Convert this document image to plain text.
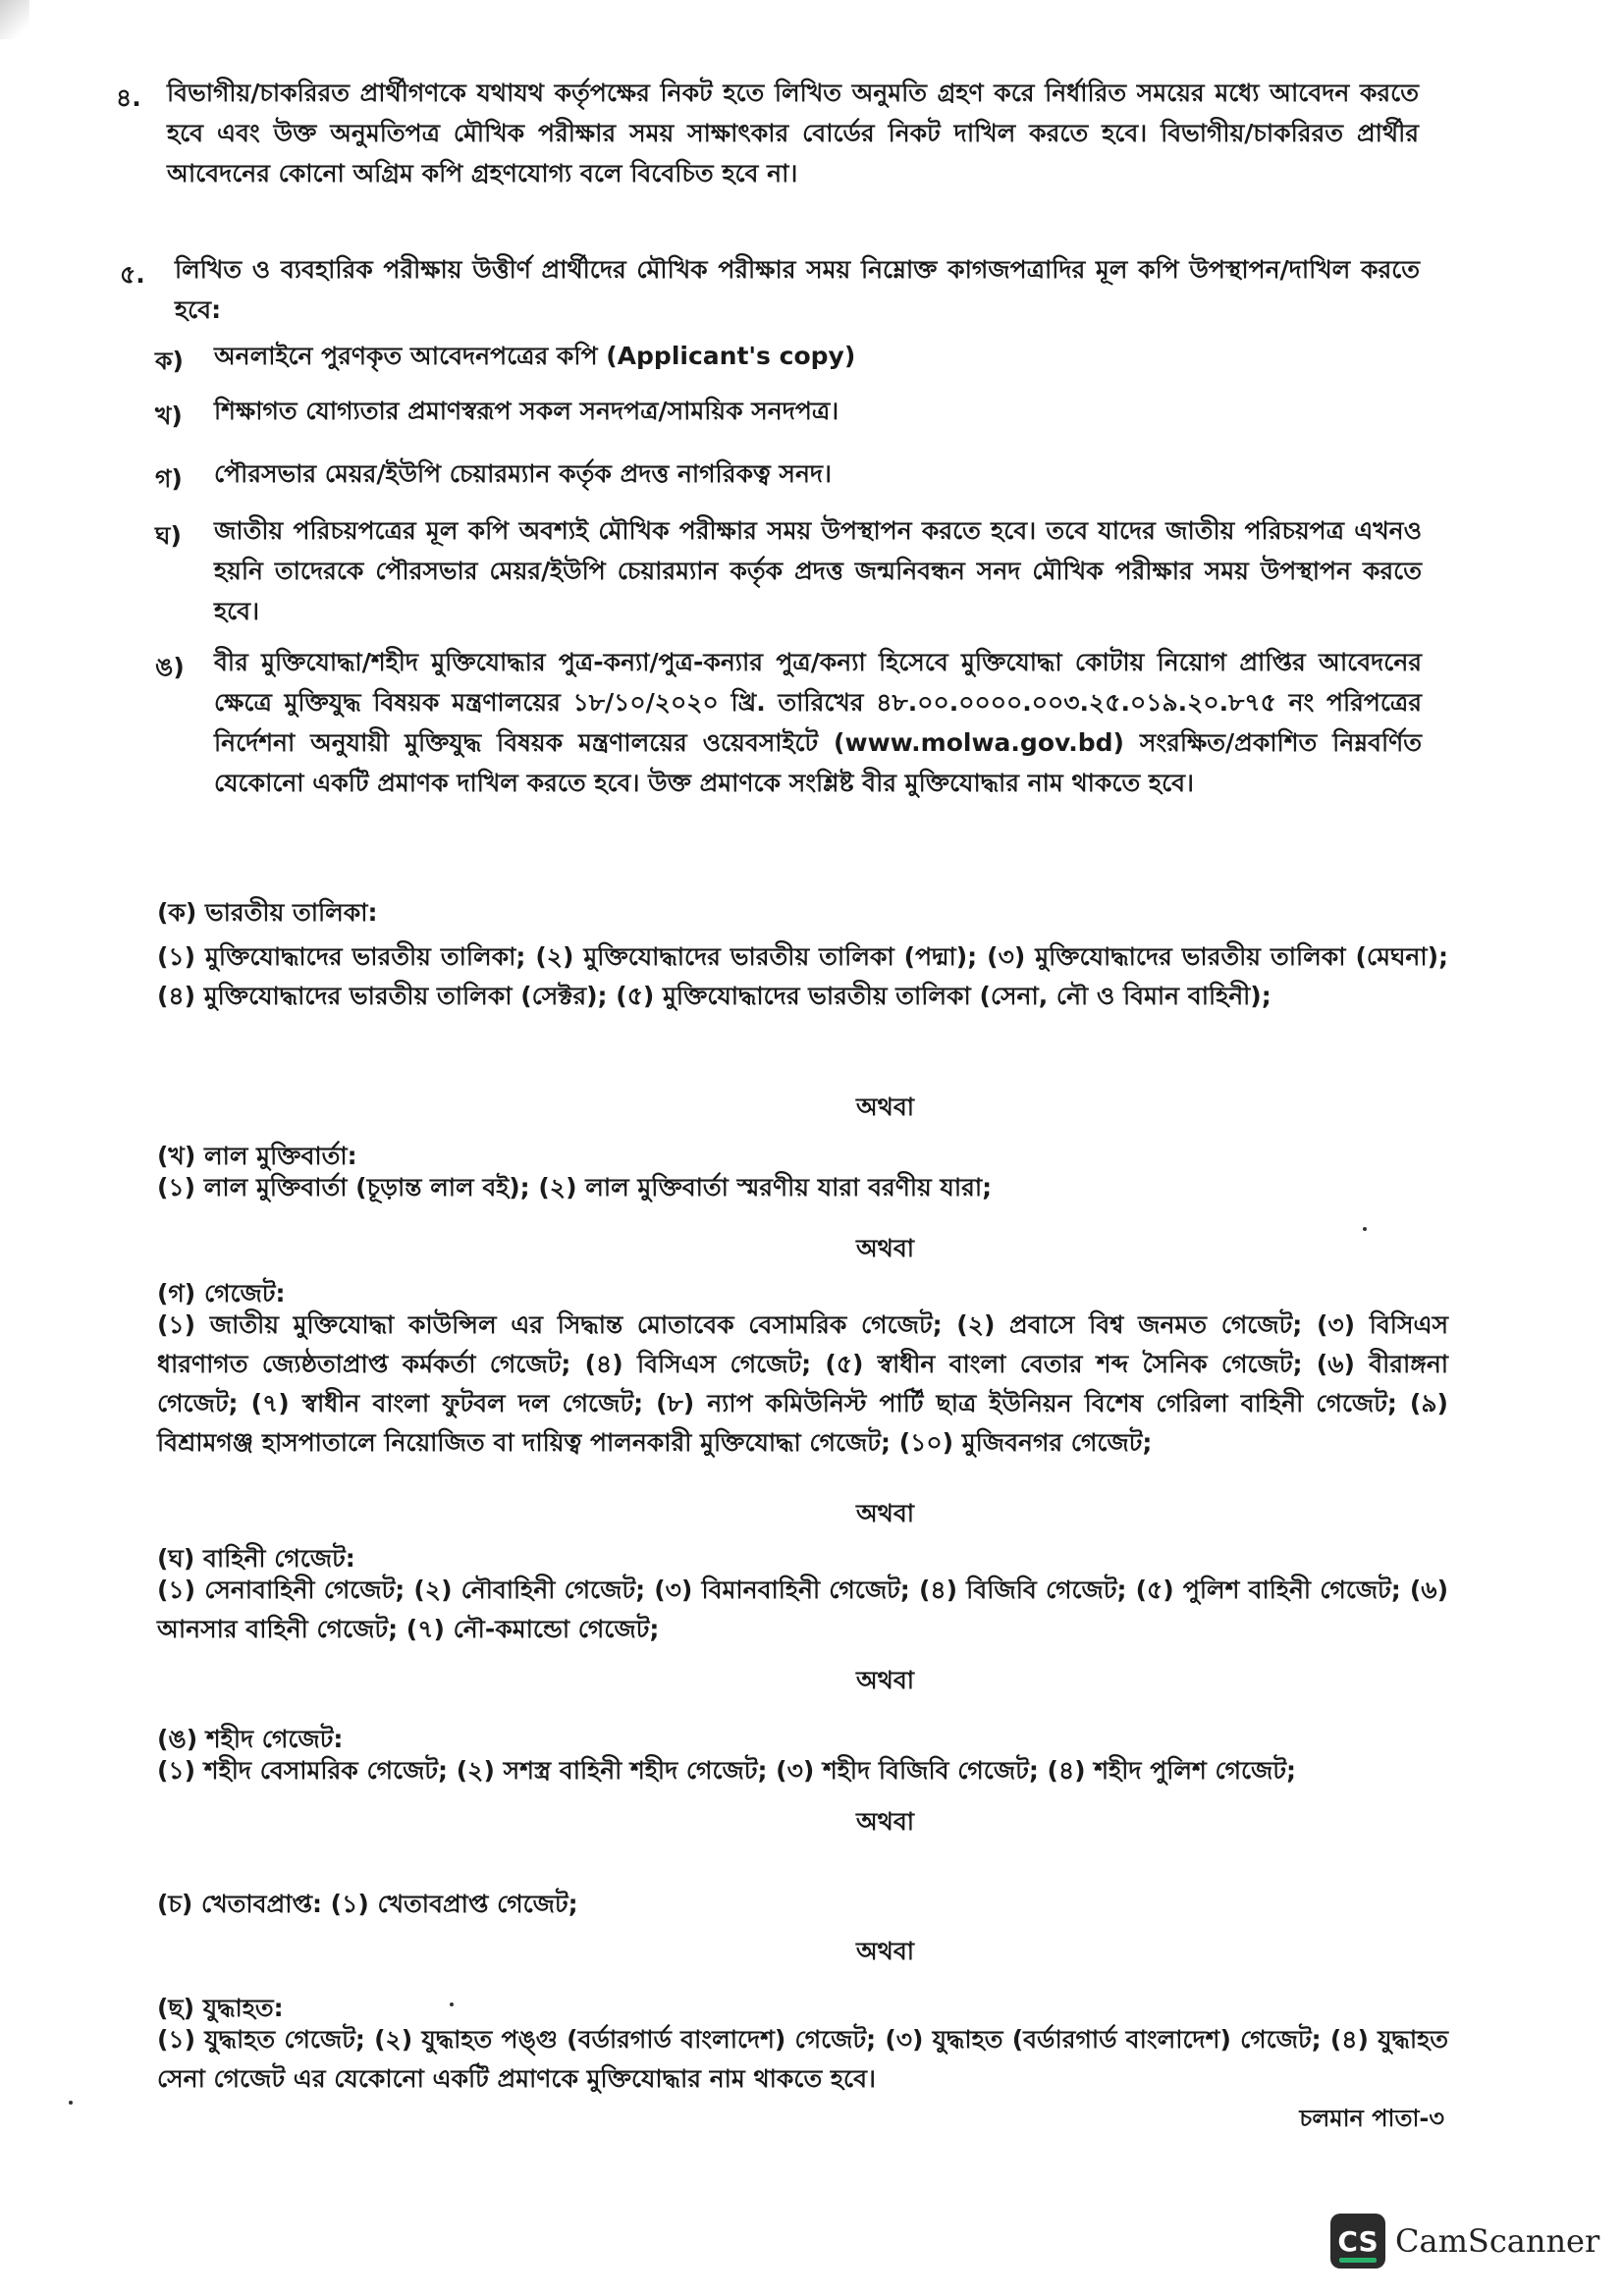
৪. বিভাগীয়/চাকরিরত প্রার্থীগণকে যথাযথ কর্তৃপক্ষের নিকট হতে লিখিত অনুমতি গ্রহণ করে নির্ধারিত সময়ের মধ্যে আবেদন করতে হবে এবং উক্ত অনুমতিপত্র মৌখিক পরীক্ষার সময় সাক্ষাৎকার বোর্ডের নিকট দাখিল করতে হবে। বিভাগীয়/চাকরিরত প্রার্থীর আবেদনের কোনো অগ্রিম কপি গ্রহণযোগ্য বলে বিবেচিত হবে না।
৫. লিখিত ও ব্যবহারিক পরীক্ষায় উত্তীর্ণ প্রার্থীদের মৌখিক পরীক্ষার সময় নিম্নোক্ত কাগজপত্রাদির মূল কপি উপস্থাপন/দাখিল করতে হবে:
ক) অনলাইনে পুরণকৃত আবেদনপত্রের কপি (Applicant's copy)
খ) শিক্ষাগত যোগ্যতার প্রমাণস্বরূপ সকল সনদপত্র/সাময়িক সনদপত্র।
গ) পৌরসভার মেয়র/ইউপি চেয়ারম্যান কর্তৃক প্রদত্ত নাগরিকত্ব সনদ।
ঘ) জাতীয় পরিচয়পত্রের মূল কপি অবশ্যই মৌখিক পরীক্ষার সময় উপস্থাপন করতে হবে। তবে যাদের জাতীয় পরিচয়পত্র এখনও হয়নি তাদেরকে পৌরসভার মেয়র/ইউপি চেয়ারম্যান কর্তৃক প্রদত্ত জন্মনিবন্ধন সনদ মৌখিক পরীক্ষার সময় উপস্থাপন করতে হবে।
ঙ) বীর মুক্তিযোদ্ধা/শহীদ মুক্তিযোদ্ধার পুত্র-কন্যা/পুত্র-কন্যার পুত্র/কন্যা হিসেবে মুক্তিযোদ্ধা কোটায় নিয়োগ প্রাপ্তির আবেদনের ক্ষেত্রে মুক্তিযুদ্ধ বিষয়ক মন্ত্রণালয়ের ১৮/১০/২০২০ খ্রি. তারিখের ৪৮.০০.০০০০.০০৩.২৫.০১৯.২০.৮৭৫ নং পরিপত্রের নির্দেশনা অনুযায়ী মুক্তিযুদ্ধ বিষয়ক মন্ত্রণালয়ের ওয়েবসাইটে (www.molwa.gov.bd) সংরক্ষিত/প্রকাশিত নিম্নবর্ণিত যেকোনো একটি প্রমাণক দাখিল করতে হবে। উক্ত প্রমাণকে সংশ্লিষ্ট বীর মুক্তিযোদ্ধার নাম থাকতে হবে।
(ক) ভারতীয় তালিকা:
(১) মুক্তিযোদ্ধাদের ভারতীয় তালিকা; (২) মুক্তিযোদ্ধাদের ভারতীয় তালিকা (পদ্মা); (৩) মুক্তিযোদ্ধাদের ভারতীয় তালিকা (মেঘনা); (৪) মুক্তিযোদ্ধাদের ভারতীয় তালিকা (সেক্টর); (৫) মুক্তিযোদ্ধাদের ভারতীয় তালিকা (সেনা, নৌ ও বিমান বাহিনী);
অথবা
(খ) লাল মুক্তিবার্তা:
(১) লাল মুক্তিবার্তা (চূড়ান্ত লাল বই); (২) লাল মুক্তিবার্তা স্মরণীয় যারা বরণীয় যারা;
অথবা
(গ) গেজেট:
(১) জাতীয় মুক্তিযোদ্ধা কাউন্সিল এর সিদ্ধান্ত মোতাবেক বেসামরিক গেজেট; (২) প্রবাসে বিশ্ব জনমত গেজেট; (৩) বিসিএস ধারণাগত জ্যেষ্ঠতাপ্রাপ্ত কর্মকর্তা গেজেট; (৪) বিসিএস গেজেট; (৫) স্বাধীন বাংলা বেতার শব্দ সৈনিক গেজেট; (৬) বীরাঙ্গনা গেজেট; (৭) স্বাধীন বাংলা ফুটবল দল গেজেট; (৮) ন্যাপ কমিউনিস্ট পার্টি ছাত্র ইউনিয়ন বিশেষ গেরিলা বাহিনী গেজেট; (৯) বিশ্রামগঞ্জ হাসপাতালে নিয়োজিত বা দায়িত্ব পালনকারী মুক্তিযোদ্ধা গেজেট; (১০) মুজিবনগর গেজেট;
অথবা
(ঘ) বাহিনী গেজেট:
(১) সেনাবাহিনী গেজেট; (২) নৌবাহিনী গেজেট; (৩) বিমানবাহিনী গেজেট; (৪) বিজিবি গেজেট; (৫) পুলিশ বাহিনী গেজেট; (৬) আনসার বাহিনী গেজেট; (৭) নৌ-কমান্ডো গেজেট;
অথবা
(ঙ) শহীদ গেজেট:
(১) শহীদ বেসামরিক গেজেট; (২) সশস্ত্র বাহিনী শহীদ গেজেট; (৩) শহীদ বিজিবি গেজেট; (৪) শহীদ পুলিশ গেজেট;
অথবা
(চ) খেতাবপ্রাপ্ত: (১) খেতাবপ্রাপ্ত গেজেট;
অথবা
(ছ) যুদ্ধাহত:
(১) যুদ্ধাহত গেজেট; (২) যুদ্ধাহত পঙ্গু (বর্ডারগার্ড বাংলাদেশ) গেজেট; (৩) যুদ্ধাহত (বর্ডারগার্ড বাংলাদেশ) গেজেট; (৪) যুদ্ধাহত সেনা গেজেট এর যেকোনো একটি প্রমাণকে মুক্তিযোদ্ধার নাম থাকতে হবে।
চলমান পাতা-৩
CS CamScanner
